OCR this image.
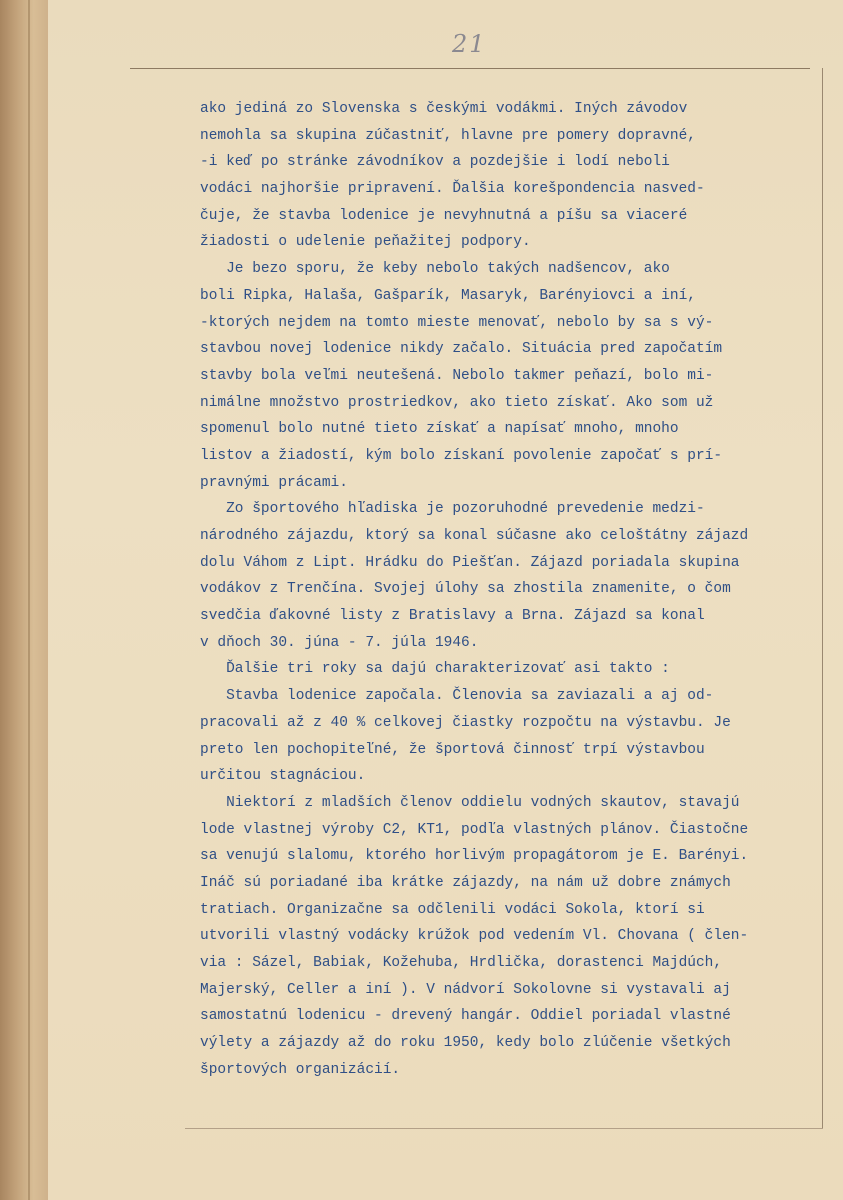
21
ako jediná zo Slovenska s českými vodákmi. Iných závodov
nemohla sa skupina zúčastniť, hlavne pre pomery dopravné,
-i keď po stránke závodníkov a pozdejšie i lodí neboli
vodáci najhoršie pripravení. Ďalšia korešpondencia nasved-
čuje, že stavba lodenice je nevyhnutná a píšu sa viaceré
žiadosti o udelenie peňažitej podpory.
Je bezo sporu, že keby nebolo takých nadšencov, ako
boli Ripka, Halaša, Gašparík, Masaryk, Barényiovci a iní,
-ktorých nejdem na tomto mieste menovať, nebolo by sa s vý-
stavbou novej lodenice nikdy začalo. Situácia pred započatím
stavby bola veľmi neutešená. Nebolo takmer peňazí, bolo mi-
nimálne množstvo prostriedkov, ako tieto získať. Ako som už
spomenul bolo nutné tieto získať a napísať mnoho, mnoho
listov a žiadostí, kým bolo získaní povolenie započať s prí-
pravnými prácami.
Zo športového hľadiska je pozoruhodné prevedenie medzi-
národného zájazdu, ktorý sa konal súčasne ako celoštátny zájazd
dolu Váhom z Lipt. Hrádku do Piešťan. Zájazd poriadala skupina
vodákov z Trenčína. Svojej úlohy sa zhostila znamenite, o čom
svedčia ďakovné listy z Bratislavy a Brna. Zájazd sa konal
v dňoch 30. júna - 7. júla 1946.
Ďalšie tri roky sa dajú charakterizovať asi takto :
Stavba lodenice započala. Členovia sa zaviazali a aj od-
pracovali až z 40 % celkovej čiastky rozpočtu na výstavbu. Je
preto len pochopiteľné, že športová činnosť trpí výstavbou
určitou stagnáciou.
Niektorí z mladších členov oddielu vodných skautov, stavajú
lode vlastnej výroby C2, KT1, podľa vlastných plánov. Čiastočne
sa venujú slalomu, ktorého horlivým propagátorom je E. Barényi.
Ináč sú poriadané iba krátke zájazdy, na nám už dobre známych
tratiach. Organizačne sa odčlenili vodáci Sokola, ktorí si
utvorili vlastný vodácky krúžok pod vedením Vl. Chovana ( člen-
via : Sázel, Babiak, Kožehuba, Hrdlička, dorastenci Majdúch,
Majerský, Celler a iní ). V nádvorí Sokolovne si vystavali aj
samostatnú lodenicu - drevený hangár. Oddiel poriadal vlastné
výlety a zájazdy až do roku 1950, kedy bolo zlúčenie všetkých
športových organizácií.
